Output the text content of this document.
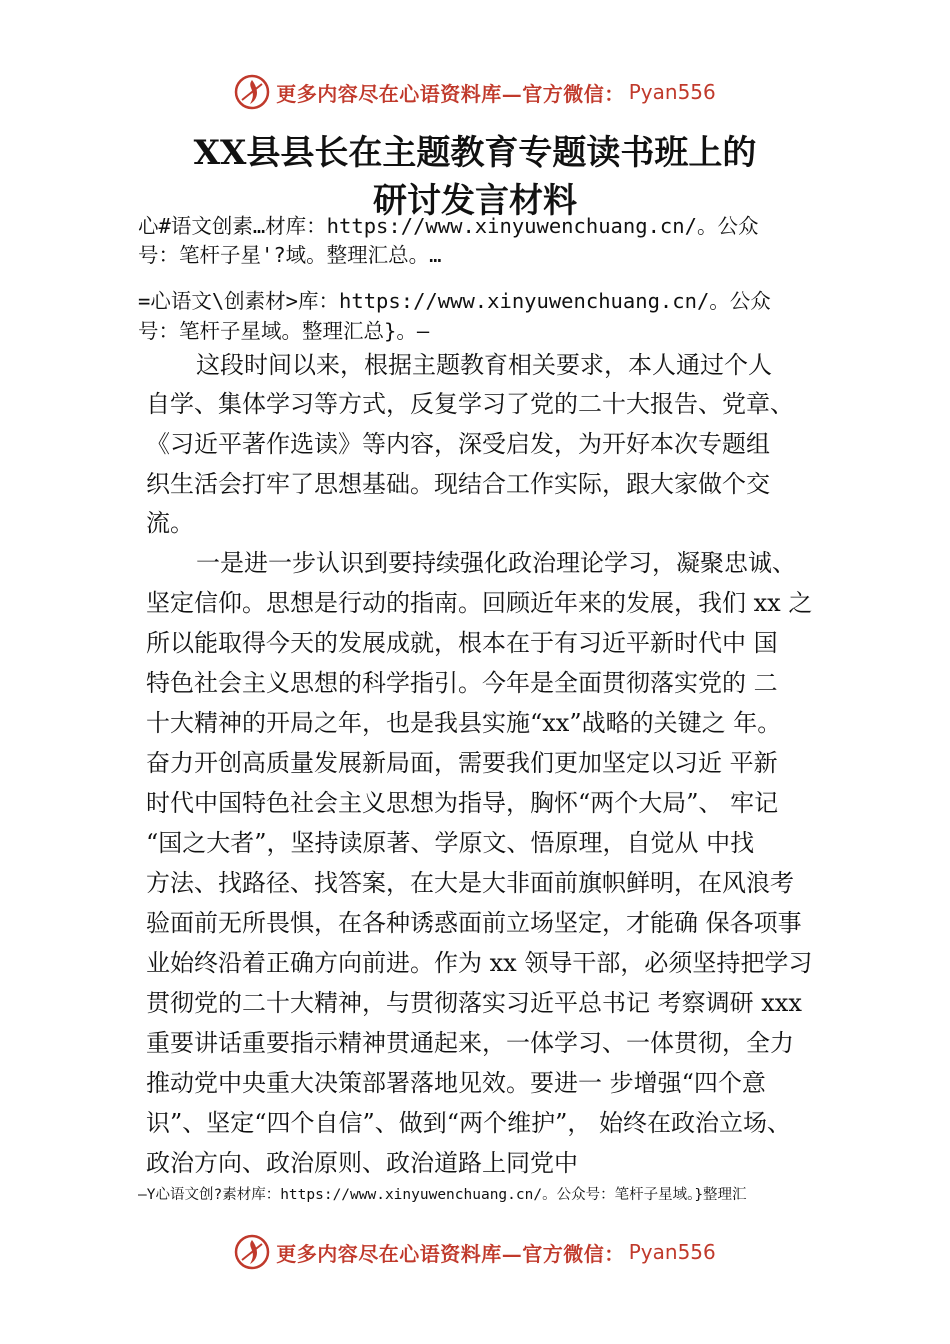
更多内容尽在心语资料库—官方微信： Pyan556
XX县县长在主题教育专题读书班上的
研讨发言材料
心#语文创素…材库：https://www.xinyuwenchuang.cn/。公众
号：笔杆子星'?域。整理汇总。…
=心语文\创素材>库：https://www.xinyuwenchuang.cn/。公众
号：笔杆子星域。整理汇总}。—
这段时间以来，根据主题教育相关要求，本人通过个人
自学、集体学习等方式，反复学习了党的二十大报告、党章、
《习近平著作选读》等内容，深受启发，为开好本次专题组
织生活会打牢了思想基础。现结合工作实际，跟大家做个交
流。
一是进一步认识到要持续强化政治理论学习，凝聚忠诚、
坚定信仰。思想是行动的指南。回顾近年来的发展，我们 xx 之
所以能取得今天的发展成就，根本在于有习近平新时代中 国
特色社会主义思想的科学指引。今年是全面贯彻落实党的 二
十大精神的开局之年，也是我县实施“xx”战略的关键之 年。
奋力开创高质量发展新局面，需要我们更加坚定以习近 平新
时代中国特色社会主义思想为指导，胸怀“两个大局”、 牢记
“国之大者”，坚持读原著、学原文、悟原理，自觉从 中找
方法、找路径、找答案，在大是大非面前旗帜鲜明，在风浪考
验面前无所畏惧，在各种诱惑面前立场坚定，才能确 保各项事
业始终沿着正确方向前进。作为 xx 领导干部，必须坚持把学习
贯彻党的二十大精神，与贯彻落实习近平总书记 考察调研 xxx
重要讲话重要指示精神贯通起来，一体学习、一体贯彻，全力
推动党中央重大决策部署落地见效。要进一 步增强“四个意
识”、坚定“四个自信”、做到“两个维护”， 始终在政治立场、
政治方向、政治原则、政治道路上同党中
—Y心语文创?素材库：https://www.xinyuwenchuang.cn/。公众号：笔杆子星域。}整理汇
更多内容尽在心语资料库—官方微信： Pyan556
